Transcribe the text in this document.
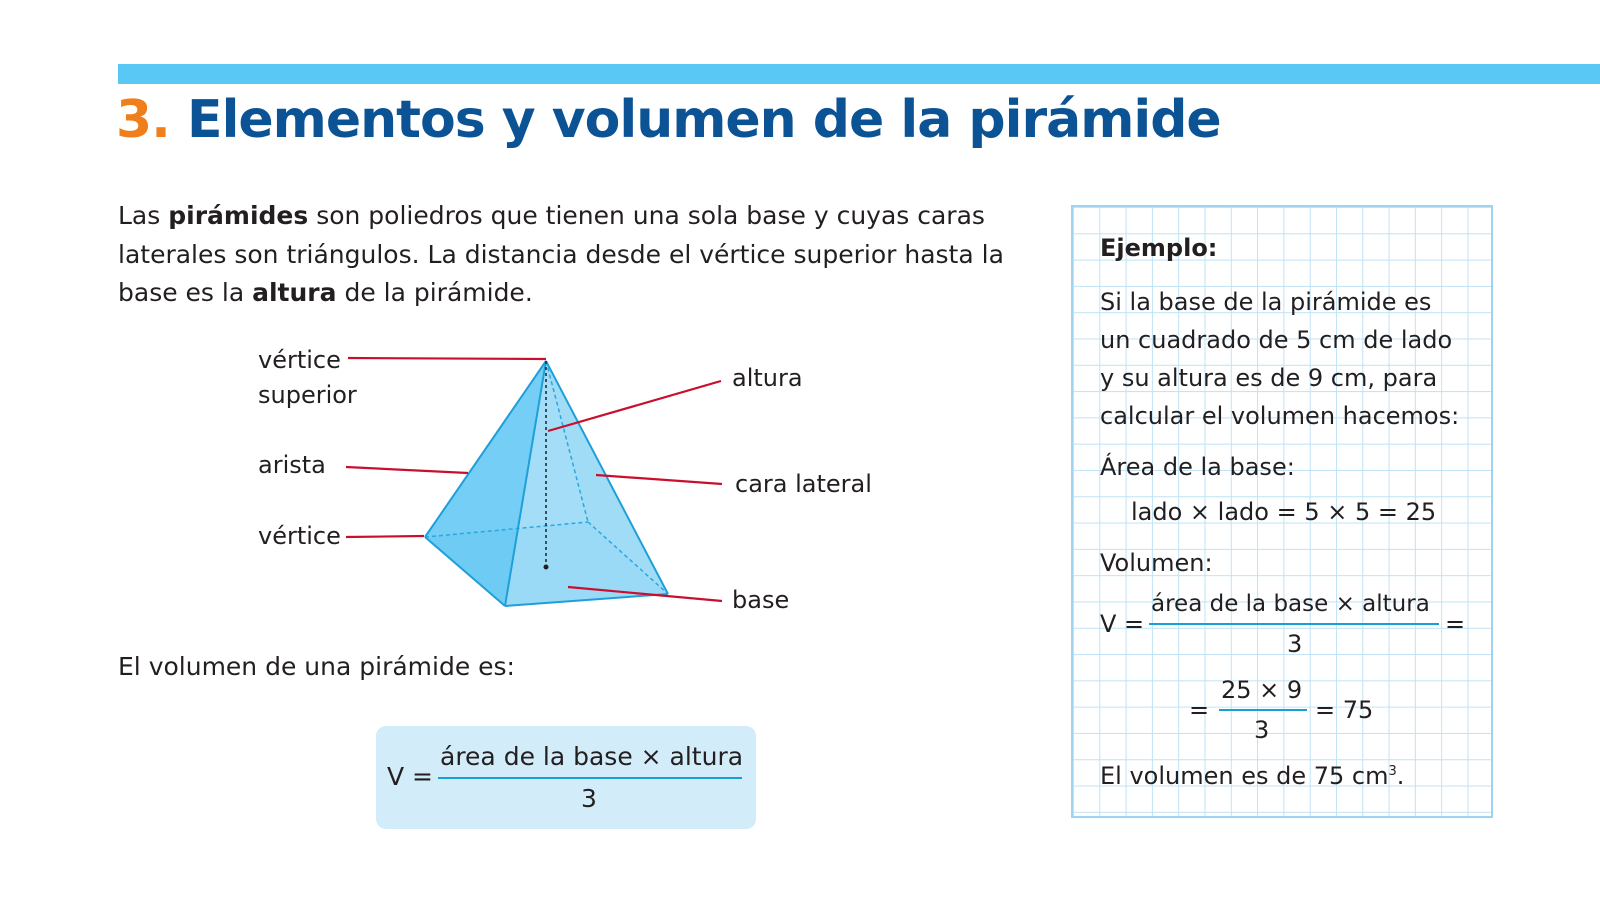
3. Elementos y volumen de la pirámide

Las pirámides son poliedros que tienen una sola base y cuyas caras laterales son triángulos. La distancia desde el vértice superior hasta la base es la altura de la pirámide.

vértice
superior
arista
vértice
altura
cara lateral
base

El volumen de una pirámide es:

V =
área de la base × altura
3
Ejemplo:
Si la base de la pirámide es
un cuadrado de 5 cm de lado
y su altura es de 9 cm, para
calcular el volumen hacemos:
Área de la base:
lado × lado = 5 × 5 = 25
Volumen:
V =
área de la base × altura
3
=
=
25 × 9
3
= 75
El volumen es de 75 $cm^3$.
